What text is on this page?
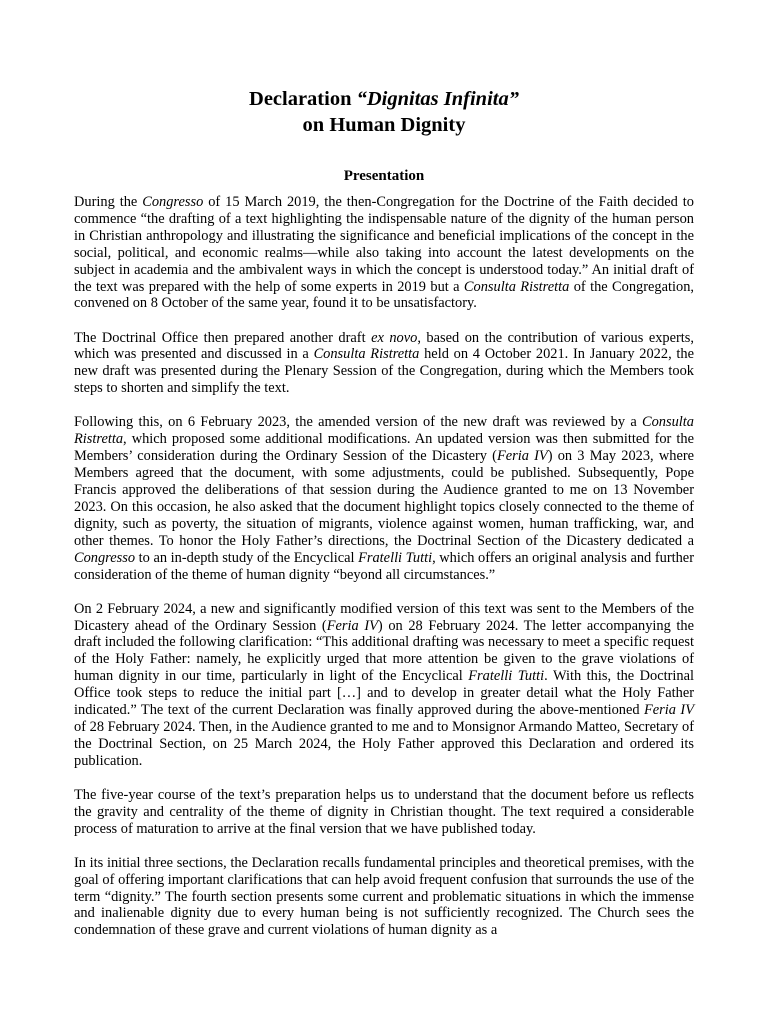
Declaration “Dignitas Infinita”
on Human Dignity
Presentation

During the Congresso of 15 March 2019, the then-Congregation for the Doctrine of the Faith decided to commence “the drafting of a text highlighting the indispensable nature of the dignity of the human person in Christian anthropology and illustrating the significance and beneficial implications of the concept in the social, political, and economic realms—while also taking into account the latest developments on the subject in academia and the ambivalent ways in which the concept is understood today.” An initial draft of the text was prepared with the help of some experts in 2019 but a Consulta Ristretta of the Congregation, convened on 8 October of the same year, found it to be unsatisfactory.

The Doctrinal Office then prepared another draft ex novo, based on the contribution of various experts, which was presented and discussed in a Consulta Ristretta held on 4 October 2021. In January 2022, the new draft was presented during the Plenary Session of the Congregation, during which the Members took steps to shorten and simplify the text.

Following this, on 6 February 2023, the amended version of the new draft was reviewed by a Consulta Ristretta, which proposed some additional modifications. An updated version was then submitted for the Members’ consideration during the Ordinary Session of the Dicastery (Feria IV) on 3 May 2023, where Members agreed that the document, with some adjustments, could be published. Subsequently, Pope Francis approved the deliberations of that session during the Audience granted to me on 13 November 2023. On this occasion, he also asked that the document highlight topics closely connected to the theme of dignity, such as poverty, the situation of migrants, violence against women, human trafficking, war, and other themes. To honor the Holy Father’s directions, the Doctrinal Section of the Dicastery dedicated a Congresso to an in-depth study of the Encyclical Fratelli Tutti, which offers an original analysis and further consideration of the theme of human dignity “beyond all circumstances.”

On 2 February 2024, a new and significantly modified version of this text was sent to the Members of the Dicastery ahead of the Ordinary Session (Feria IV) on 28 February 2024. The letter accompanying the draft included the following clarification: “This additional drafting was necessary to meet a specific request of the Holy Father: namely, he explicitly urged that more attention be given to the grave violations of human dignity in our time, particularly in light of the Encyclical Fratelli Tutti. With this, the Doctrinal Office took steps to reduce the initial part […] and to develop in greater detail what the Holy Father indicated.” The text of the current Declaration was finally approved during the above-mentioned Feria IV of 28 February 2024. Then, in the Audience granted to me and to Monsignor Armando Matteo, Secretary of the Doctrinal Section, on 25 March 2024, the Holy Father approved this Declaration and ordered its publication.

The five-year course of the text’s preparation helps us to understand that the document before us reflects the gravity and centrality of the theme of dignity in Christian thought. The text required a considerable process of maturation to arrive at the final version that we have published today.

In its initial three sections, the Declaration recalls fundamental principles and theoretical premises, with the goal of offering important clarifications that can help avoid frequent confusion that surrounds the use of the term “dignity.” The fourth section presents some current and problematic situations in which the immense and inalienable dignity due to every human being is not sufficiently recognized. The Church sees the condemnation of these grave and current violations of human dignity as a
